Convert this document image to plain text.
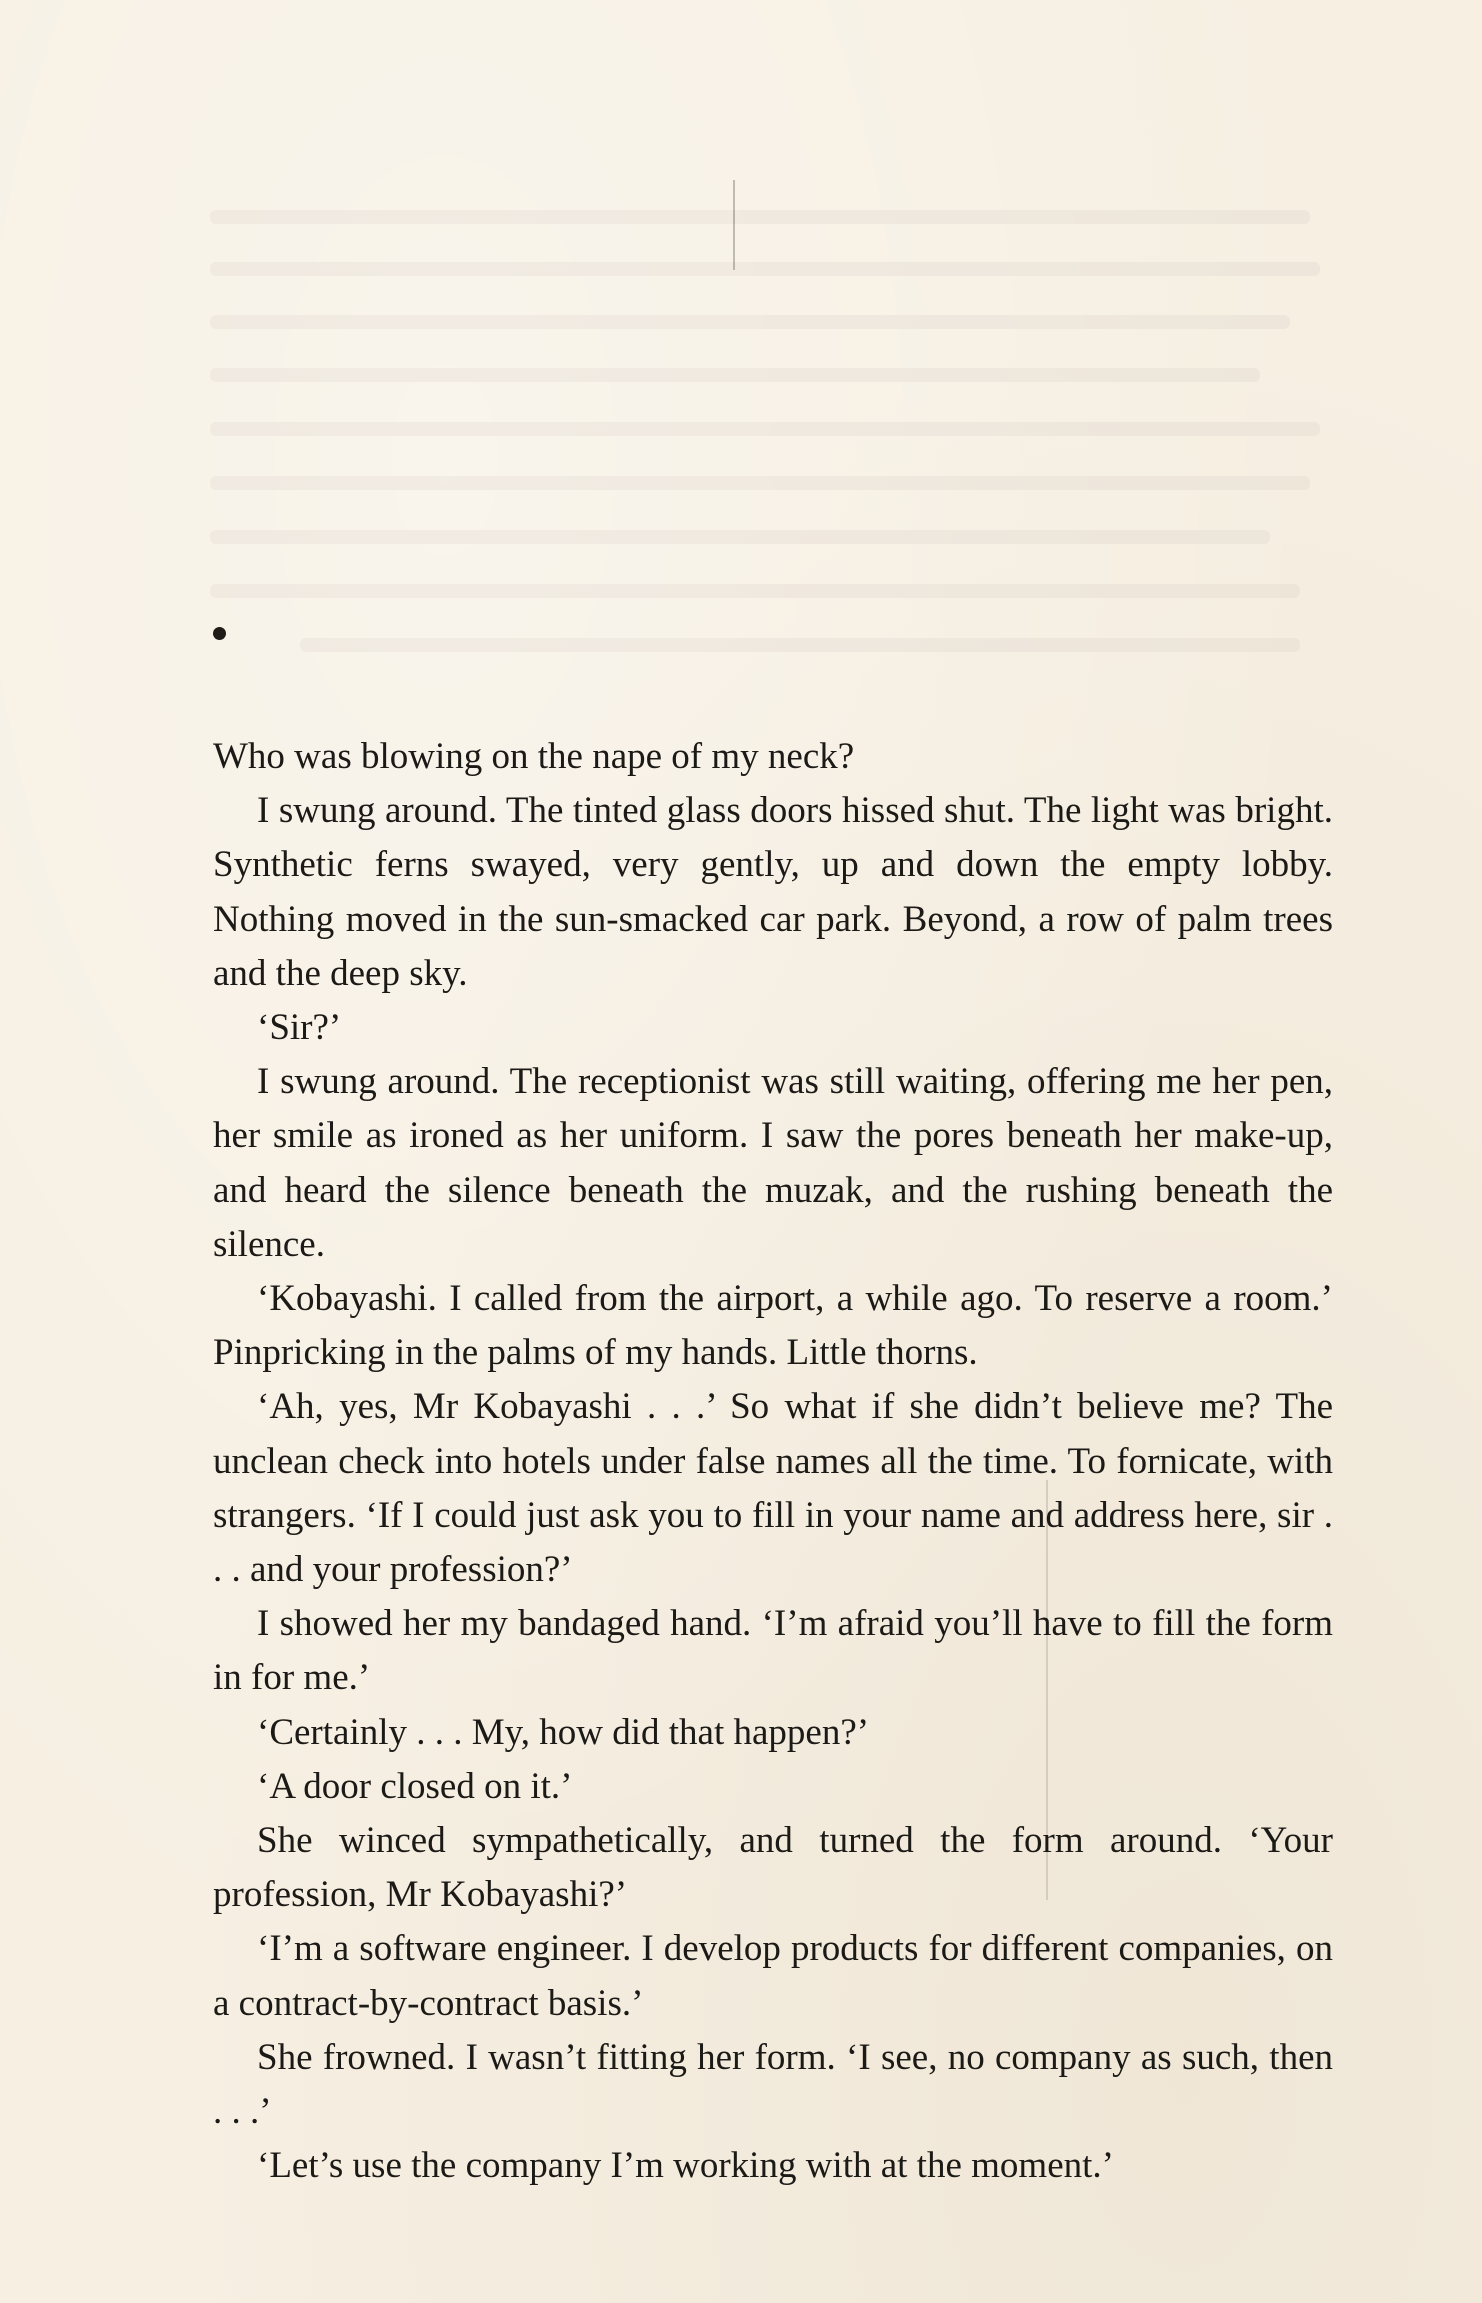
Who was blowing on the nape of my neck?

I swung around. The tinted glass doors hissed shut. The light was bright. Synthetic ferns swayed, very gently, up and down the empty lobby. Nothing moved in the sun-smacked car park. Beyond, a row of palm trees and the deep sky.

‘Sir?’

I swung around. The receptionist was still waiting, offering me her pen, her smile as ironed as her uniform. I saw the pores beneath her make-up, and heard the silence beneath the muzak, and the rushing beneath the silence.

‘Kobayashi. I called from the airport, a while ago. To reserve a room.’ Pinpricking in the palms of my hands. Little thorns.

‘Ah, yes, Mr Kobayashi . . .’ So what if she didn’t believe me? The unclean check into hotels under false names all the time. To fornicate, with strangers. ‘If I could just ask you to fill in your name and address here, sir . . . and your profession?’

I showed her my bandaged hand. ‘I’m afraid you’ll have to fill the form in for me.’

‘Certainly . . . My, how did that happen?’

‘A door closed on it.’

She winced sympathetically, and turned the form around. ‘Your profession, Mr Kobayashi?’

‘I’m a software engineer. I develop products for different companies, on a contract-by-contract basis.’

She frowned. I wasn’t fitting her form. ‘I see, no company as such, then . . .’

‘Let’s use the company I’m working with at the moment.’
